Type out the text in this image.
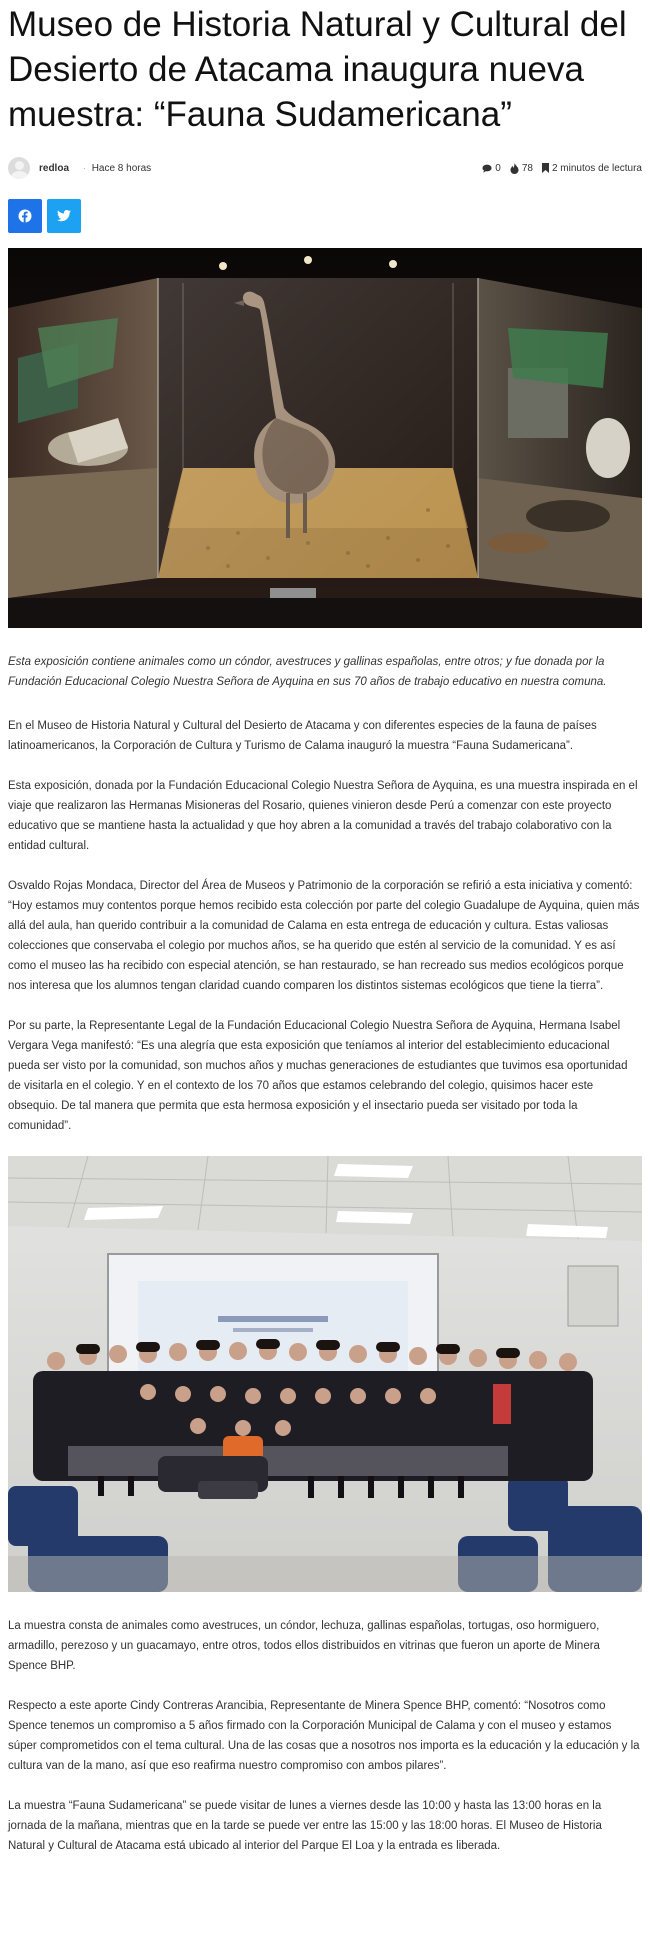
Museo de Historia Natural y Cultural del Desierto de Atacama inaugura nueva muestra: “Fauna Sudamericana”
redloa · Hace 8 horas	0 78 2 minutos de lectura

Esta exposición contiene animales como un cóndor, avestruces y gallinas españolas, entre otros; y fue donada por la Fundación Educacional Colegio Nuestra Señora de Ayquina en sus 70 años de trabajo educativo en nuestra comuna.

En el Museo de Historia Natural y Cultural del Desierto de Atacama y con diferentes especies de la fauna de países latinoamericanos, la Corporación de Cultura y Turismo de Calama inauguró la muestra “Fauna Sudamericana”.

Esta exposición, donada por la Fundación Educacional Colegio Nuestra Señora de Ayquina, es una muestra inspirada en el viaje que realizaron las Hermanas Misioneras del Rosario, quienes vinieron desde Perú a comenzar con este proyecto educativo que se mantiene hasta la actualidad y que hoy abren a la comunidad a través del trabajo colaborativo con la entidad cultural.

Osvaldo Rojas Mondaca, Director del Área de Museos y Patrimonio de la corporación se refirió a esta iniciativa y comentó: “Hoy estamos muy contentos porque hemos recibido esta colección por parte del colegio Guadalupe de Ayquina, quien más allá del aula, han querido contribuir a la comunidad de Calama en esta entrega de educación y cultura. Estas valiosas colecciones que conservaba el colegio por muchos años, se ha querido que estén al servicio de la comunidad. Y es así como el museo las ha recibido con especial atención, se han restaurado, se han recreado sus medios ecológicos porque nos interesa que los alumnos tengan claridad cuando comparen los distintos sistemas ecológicos que tiene la tierra”.

Por su parte, la Representante Legal de la Fundación Educacional Colegio Nuestra Señora de Ayquina, Hermana Isabel Vergara Vega manifestó: “Es una alegría que esta exposición que teníamos al interior del establecimiento educacional pueda ser visto por la comunidad, son muchos años y muchas generaciones de estudiantes que tuvimos esa oportunidad de visitarla en el colegio. Y en el contexto de los 70 años que estamos celebrando del colegio, quisimos hacer este obsequio. De tal manera que permita que esta hermosa exposición y el insectario pueda ser visitado por toda la comunidad”.

La muestra consta de animales como avestruces, un cóndor, lechuza, gallinas españolas, tortugas, oso hormiguero, armadillo, perezoso y un guacamayo, entre otros, todos ellos distribuidos en vitrinas que fueron un aporte de Minera Spence BHP.

Respecto a este aporte Cindy Contreras Arancibia, Representante de Minera Spence BHP, comentó: “Nosotros como Spence tenemos un compromiso a 5 años firmado con la Corporación Municipal de Calama y con el museo y estamos súper comprometidos con el tema cultural. Una de las cosas que a nosotros nos importa es la educación y la educación y la cultura van de la mano, así que eso reafirma nuestro compromiso con ambos pilares”.

La muestra “Fauna Sudamericana” se puede visitar de lunes a viernes desde las 10:00 y hasta las 13:00 horas en la jornada de la mañana, mientras que en la tarde se puede ver entre las 15:00 y las 18:00 horas. El Museo de Historia Natural y Cultural de Atacama está ubicado al interior del Parque El Loa y la entrada es liberada.
